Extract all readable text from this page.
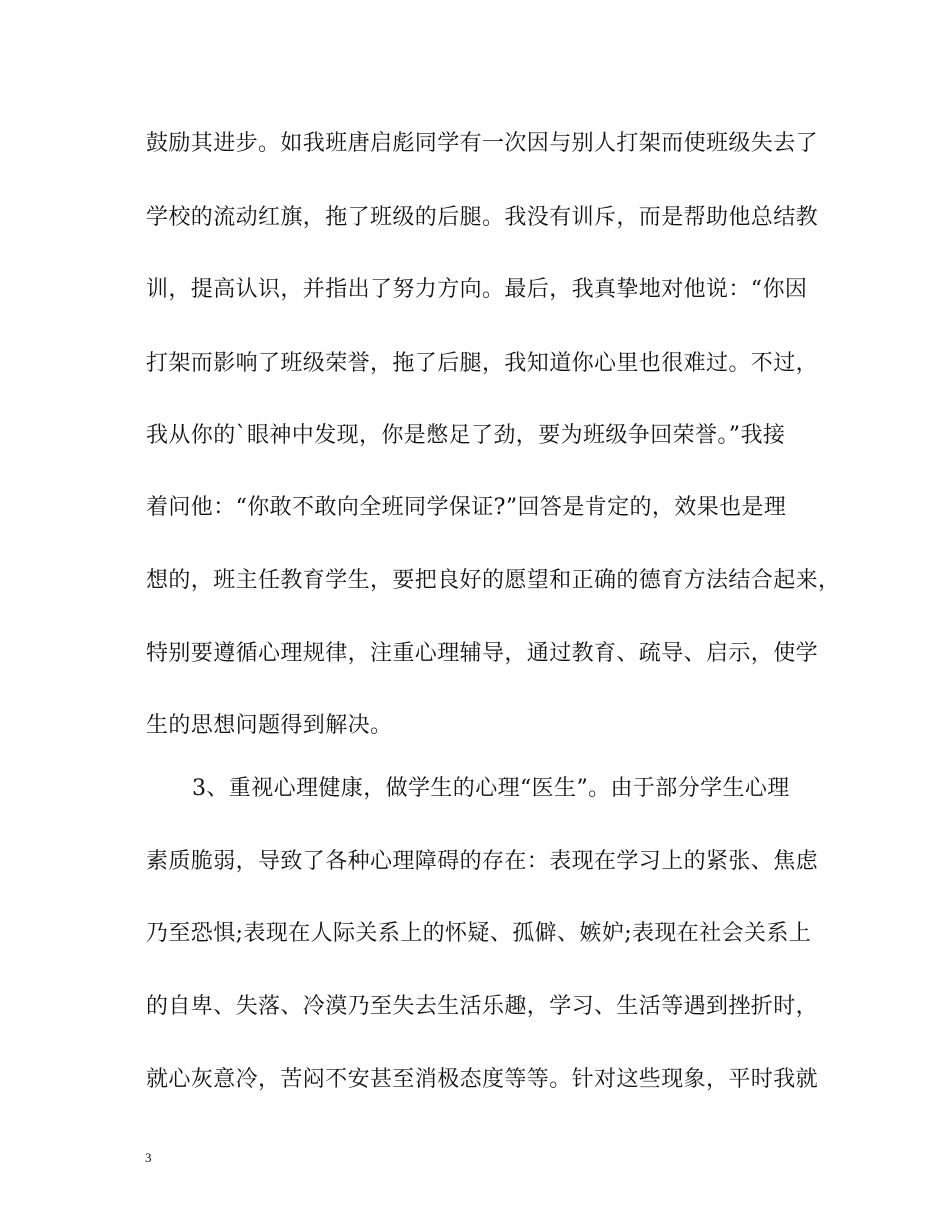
鼓励其进步。如我班唐启彪同学有一次因与别人打架而使班级失去了
学校的流动红旗，拖了班级的后腿。我没有训斥，而是帮助他总结教
训，提高认识，并指出了努力方向。最后，我真挚地对他说：“你因
打架而影响了班级荣誉，拖了后腿，我知道你心里也很难过。不过，
我从你的`眼神中发现，你是憋足了劲，要为班级争回荣誉。”我接
着问他：“你敢不敢向全班同学保证?”回答是肯定的，效果也是理
想的，班主任教育学生，要把良好的愿望和正确的德育方法结合起来，
特别要遵循心理规律，注重心理辅导，通过教育、疏导、启示，使学
生的思想问题得到解决。
3、重视心理健康，做学生的心理“医生”。由于部分学生心理
素质脆弱，导致了各种心理障碍的存在：表现在学习上的紧张、焦虑
乃至恐惧;表现在人际关系上的怀疑、孤僻、嫉妒;表现在社会关系上
的自卑、失落、冷漠乃至失去生活乐趣，学习、生活等遇到挫折时，
就心灰意冷，苦闷不安甚至消极态度等等。针对这些现象，平时我就
3
